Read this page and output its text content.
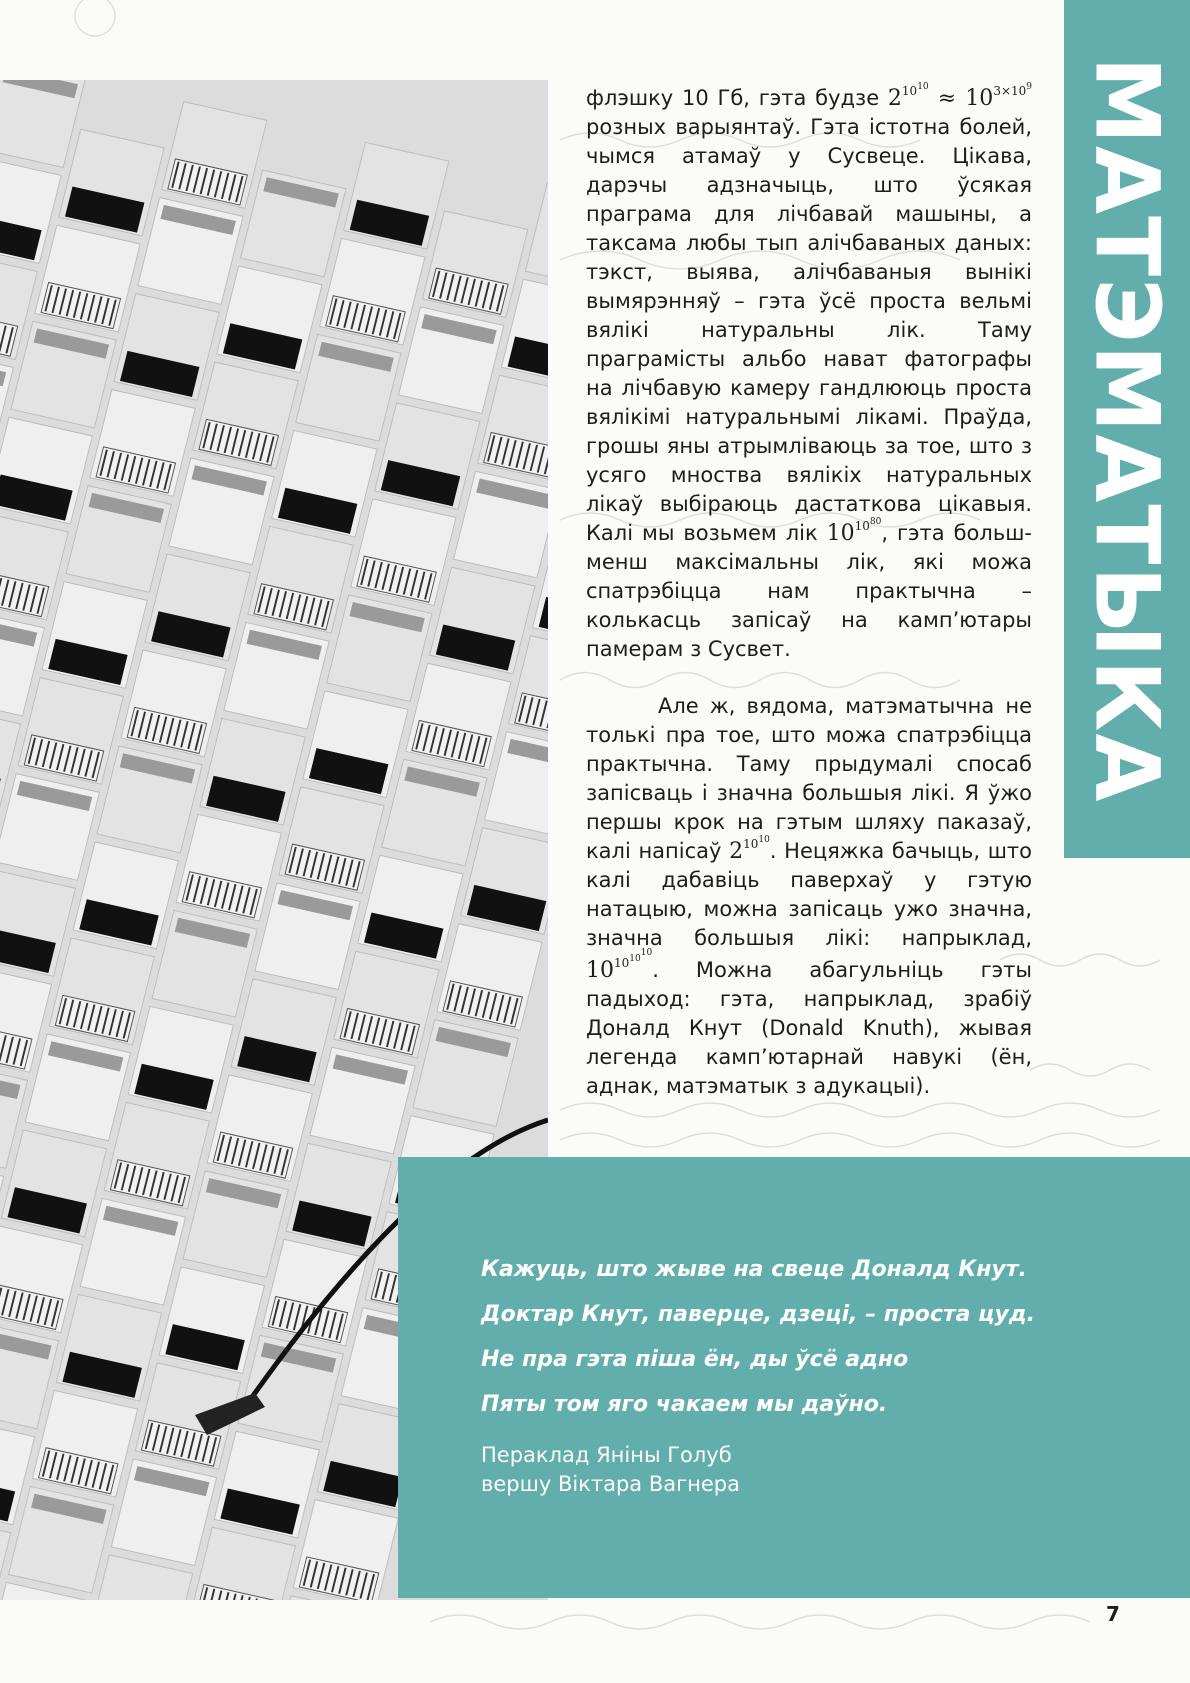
МАТЭМАТЫКА

флэшку 10 Гб, гэта будзе $2^{10^{10}} \approx 10^{3\times 10^9}$ розных варыянтаў. Гэта істотна болей, чымся атамаў у Сусвеце. Цікава, дарэчы адзначыць, што ўсякая праграма для лічбавай машыны, а таксама любы тып алічбаваных даных: тэкст, выява, алічбаваныя вынікі вымярэнняў – гэта ўсё проста вельмі вялікі натуральны лік. Таму праграмісты альбо нават фатографы на лічбавую камеру гандлююць проста вялікімі натуральнымі лікамі. Праўда, грошы яны атрымліваюць за тое, што з усяго мноства вялікіх натуральных лікаў выбіраюць дастаткова цікавыя. Калі мы возьмем лік $10^{10^{80}}$, гэта больш-менш максімальны лік, які можа спатрэбіцца нам практычна – колькасць запісаў на камп’ютары памерам з Сусвет.

Але ж, вядома, матэматычна не толькі пра тое, што можа спатрэбіцца практычна. Таму прыдумалі спосаб запісваць і значна большыя лікі. Я ўжо першы крок на гэтым шляху паказаў, калі напісаў $2^{10^{10}}$. Нецяжка бачыць, што калі дабавіць паверхаў у гэтую натацыю, можна запісаць ужо значна, значна большыя лікі: напрыклад, $10^{10^{10^{10}}}$. Можна абагульніць гэты падыход: гэта, напрыклад, зрабіў Доналд Кнут (Donald Knuth), жывая легенда камп’ютарнай навукі (ён, аднак, матэматык з адукацыі).

Кажуць, што жыве на свеце Доналд Кнут.
Доктар Кнут, паверце, дзеці, – проста цуд.
Не пра гэта піша ён, ды ўсё адно
Пяты том яго чакаем мы даўно.
Пераклад Яніны Голуб
вершу Віктара Вагнера
7
